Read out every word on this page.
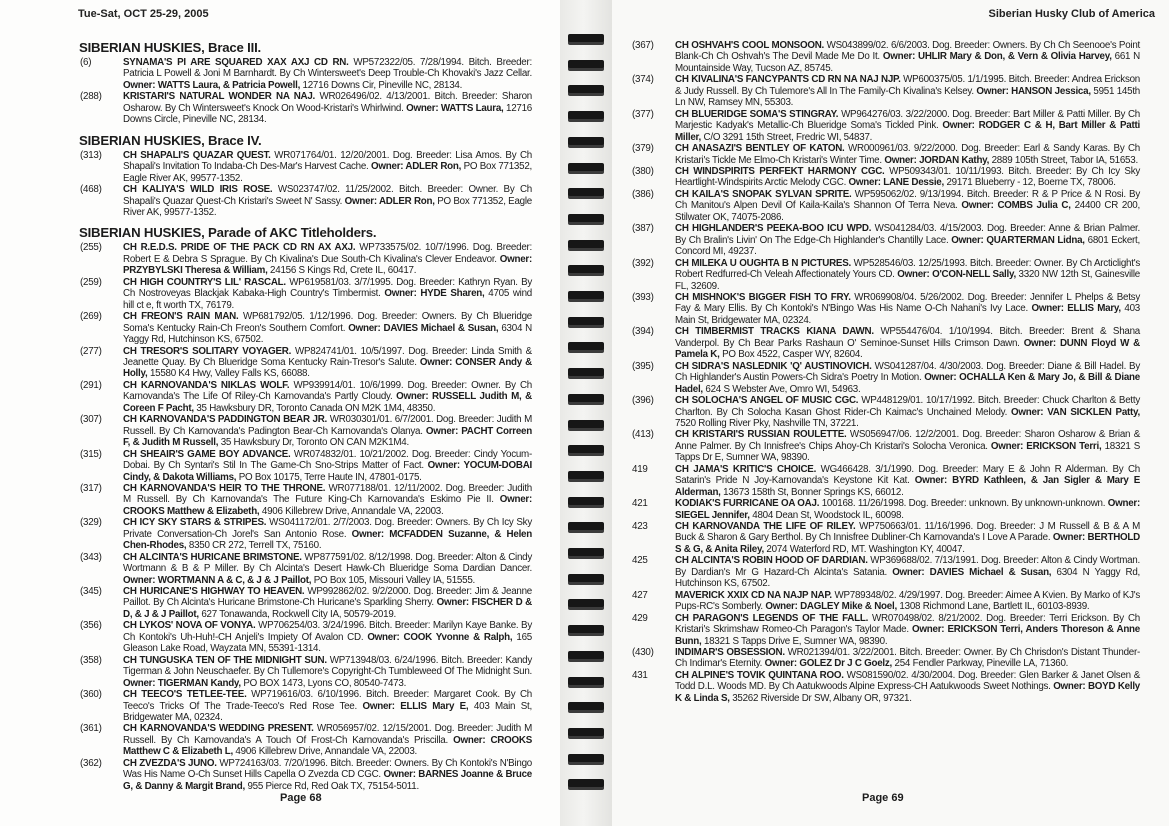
Tue-Sat, OCT 25-29, 2005
SIBERIAN HUSKIES, Brace III.

(6)	SYNAMA'S PI ARE SQUARED XAX AXJ CD RN. WP572322/05. 7/28/1994. Bitch. Breeder: Patricia L Powell & Joni M Barnhardt. By Ch Wintersweet's Deep Trouble-Ch Khovaki's Jazz Cellar. Owner: WATTS Laura, & Patricia Powell, 12716 Downs Cir, Pineville NC, 28134.

(288) KRISTARI'S NATURAL WONDER NA NAJ. WR026496/02. 4/13/2001. Bitch. Breeder: Sharon Osharow. By Ch Wintersweet's Knock On Wood-Kristari's Whirlwind. Owner: WATTS Laura, 12716 Downs Circle, Pineville NC, 28134.

SIBERIAN HUSKIES, Brace IV.

(313) CH SHAPALI'S QUAZAR QUEST. WR071764/01. 12/20/2001. Dog. Breeder: Lisa Amos. By Ch Shapali's Invitation To Indaba-Ch Des-Mar's Harvest Cache. Owner: ADLER Ron, PO Box 771352, Eagle River AK, 99577-1352.

(468) CH KALIYA'S WILD IRIS ROSE. WS023747/02. 11/25/2002. Bitch. Breeder: Owner. By Ch Shapali's Quazar Quest-Ch Kristari's Sweet N' Sassy. Owner: ADLER Ron, PO Box 771352, Eagle River AK, 99577-1352.

SIBERIAN HUSKIES, Parade of AKC Titleholders.

(255) CH R.E.D.S. PRIDE OF THE PACK CD RN AX AXJ. WP733575/02. 10/7/1996. Dog. Breeder: Robert E & Debra S Sprague. By Ch Kivalina's Due South-Ch Kivalina's Clever Endeavor. Owner: PRZYBYLSKI Theresa & William, 24156 S Kings Rd, Crete IL, 60417.

(259) CH HIGH COUNTRY'S LIL' RASCAL. WP619581/03. 3/7/1995. Dog. Breeder: Kathryn Ryan. By Ch Nostroveyas Blackjak Kabaka-High Country's Timbermist. Owner: HYDE Sharen, 4705 wind hill ct e, ft worth TX, 76179.

(269) CH FREON'S RAIN MAN. WP681792/05. 1/12/1996. Dog. Breeder: Owners. By Ch Blueridge Soma's Kentucky Rain-Ch Freon's Southern Comfort. Owner: DAVIES Michael & Susan, 6304 N Yaggy Rd, Hutchinson KS, 67502.

(277) CH TRESOR'S SOLITARY VOYAGER. WP824741/01. 10/5/1997. Dog. Breeder: Linda Smith & Jeanette Quay. By Ch Blueridge Soma Kentucky Rain-Tresor's Salute. Owner: CONSER Andy & Holly, 15580 K4 Hwy, Valley Falls KS, 66088.

(291) CH KARNOVANDA'S NIKLAS WOLF. WP939914/01. 10/6/1999. Dog. Breeder: Owner. By Ch Karnovanda's The Life Of Riley-Ch Karnovanda's Partly Cloudy. Owner: RUSSELL Judith M, & Coreen F Pacht, 35 Hawksbury DR, Toronto Canada ON M2K 1M4, 48350.

(307) CH KARNOVANDA'S PADDINGTON BEAR JR. WR030301/01. 6/7/2001. Dog. Breeder: Judith M Russell. By Ch Karnovanda's Padington Bear-Ch Karnovanda's Olanya. Owner: PACHT Correen F, & Judith M Russell, 35 Hawksbury Dr, Toronto ON CAN M2K1M4.

(315) CH SHEAIR'S GAME BOY ADVANCE. WR074832/01. 10/21/2002. Dog. Breeder: Cindy Yocum-Dobai. By Ch Syntari's Stil In The Game-Ch Sno-Strips Matter of Fact. Owner: YOCUM-DOBAI Cindy, & Dakota Williams, PO Box 10175, Terre Haute IN, 47801-0175.

(317) CH KARNOVANDA'S HEIR TO THE THRONE. WR077188/01. 12/11/2002. Dog. Breeder: Judith M Russell. By Ch Karnovanda's The Future King-Ch Karnovanda's Eskimo Pie II. Owner: CROOKS Matthew & Elizabeth, 4906 Killebrew Drive, Annandale VA, 22003.

(329) CH ICY SKY STARS & STRIPES. WS041172/01. 2/7/2003. Dog. Breeder: Owners. By Ch Icy Sky Private Conversation-Ch Jorel's San Antonio Rose. Owner: MCFADDEN Suzanne, & Helen Chen-Rhodes, 8350 CR 272, Terrell TX, 75160.

(343) CH ALCINTA'S HURICANE BRIMSTONE. WP877591/02. 8/12/1998. Dog. Breeder: Alton & Cindy Wortmann & B & P Miller. By Ch Alcinta's Desert Hawk-Ch Blueridge Soma Dardian Dancer. Owner: WORTMANN A & C, & J & J Paillot, PO Box 105, Missouri Valley IA, 51555.

(345) CH HURICANE'S HIGHWAY TO HEAVEN. WP992862/02. 9/2/2000. Dog. Breeder: Jim & Jeanne Paillot. By Ch Alcinta's Huricane Brimstone-Ch Huricane's Sparkling Sherry. Owner: FISCHER D & D, & J & J Paillot, 627 Tonawanda, Rockwell City IA, 50579-2019.

(356) CH LYKOS' NOVA OF VONYA. WP706254/03. 3/24/1996. Bitch. Breeder: Marilyn Kaye Banke. By Ch Kontoki's Uh-Huh!-CH Anjeli's Impiety Of Avalon CD. Owner: COOK Yvonne & Ralph, 165 Gleason Lake Road, Wayzata MN, 55391-1314.

(358) CH TUNGUSKA TEN OF THE MIDNIGHT SUN. WP713948/03. 6/24/1996. Bitch. Breeder: Kandy Tigerman & John Neuschaefer. By Ch Tullemore's Copyright-Ch Tumbleweed Of The Midnight Sun. Owner: TIGERMAN Kandy, PO BOX 1473, Lyons CO, 80540-7473.

(360) CH TEECO'S TETLEE-TEE. WP719616/03. 6/10/1996. Bitch. Breeder: Margaret Cook. By Ch Teeco's Tricks Of The Trade-Teeco's Red Rose Tee. Owner: ELLIS Mary E, 403 Main St, Bridgewater MA, 02324.

(361) CH KARNOVANDA'S WEDDING PRESENT. WR056957/02. 12/15/2001. Dog. Breeder: Judith M Russell. By Ch Karnovanda's A Touch Of Frost-Ch Karnovanda's Priscilla. Owner: CROOKS Matthew C & Elizabeth L, 4906 Killebrew Drive, Annandale VA, 22003.

(362) CH ZVEZDA'S JUNO. WP724163/03. 7/20/1996. Bitch. Breeder: Owners. By Ch Kontoki's N'Bingo Was His Name O-Ch Sunset Hills Capella O Zvezda CD CGC. Owner: BARNES Joanne & Bruce G, & Danny & Margit Brand, 955 Pierce Rd, Red Oak TX, 75154-5011.

Page 68
Siberian Husky Club of America

(367) CH OSHVAH'S COOL MONSOON. WS043899/02. 6/6/2003. Dog. Breeder: Owners. By Ch Ch Seenooe's Point Blank-Ch Ch Oshvah's The Devil Made Me Do It. Owner: UHLIR Mary & Don, & Vern & Olivia Harvey, 661 N Mountainside Way, Tucson AZ, 85745.

(374) CH KIVALINA'S FANCYPANTS CD RN NA NAJ NJP. WP600375/05. 1/1/1995. Bitch. Breeder: Andrea Erickson & Judy Russell. By Ch Tulemore's All In The Family-Ch Kivalina's Kelsey. Owner: HANSON Jessica, 5951 145th Ln NW, Ramsey MN, 55303.

(377) CH BLUERIDGE SOMA'S STINGRAY. WP964276/03. 3/22/2000. Dog. Breeder: Bart Miller & Patti Miller. By Ch Marjestic Kadyak's Metallic-Ch Blueridge Soma's Tickled Pink. Owner: RODGER C & H, Bart Miller & Patti Miller, C/O 3291 15th Street, Fredric WI, 54837.

(379) CH ANASAZI'S BENTLEY OF KATON. WR000961/03. 9/22/2000. Dog. Breeder: Earl & Sandy Karas. By Ch Kristari's Tickle Me Elmo-Ch Kristari's Winter Time. Owner: JORDAN Kathy, 2889 105th Street, Tabor IA, 51653.

(380) CH WINDSPIRITS PERFEKT HARMONY CGC. WP509343/01. 10/11/1993. Bitch. Breeder: By Ch Icy Sky Heartlight-Windspirits Arctic Melody CGC. Owner: LANE Dessie, 29171 Blueberry - 12, Boerne TX, 78006.

(386) CH KAILA'S SNOPAK SYLVAN SPRITE. WP595062/02. 9/13/1994. Bitch. Breeder: R & P Price & N Rosi. By Ch Manitou's Alpen Devil Of Kaila-Kaila's Shannon Of Terra Neva. Owner: COMBS Julia C, 24400 CR 200, Stilwater OK, 74075-2086.

(387) CH HIGHLANDER'S PEEKA-BOO ICU WPD. WS041284/03. 4/15/2003. Dog. Breeder: Anne & Brian Palmer. By Ch Bralin's Livin' On The Edge-Ch Highlander's Chantilly Lace. Owner: QUARTERMAN Lidna, 6801 Eckert, Concord MI, 49237.

(392) CH MILEKA U OUGHTA B N PICTURES. WP528546/03. 12/25/1993. Bitch. Breeder: Owner. By Ch Arcticlight's Robert Redfurred-Ch Veleah Affectionately Yours CD. Owner: O'CON-NELL Sally, 3320 NW 12th St, Gainesville FL, 32609.

(393) CH MISHNOK'S BIGGER FISH TO FRY. WR069908/04. 5/26/2002. Dog. Breeder: Jennifer L Phelps & Betsy Fay & Mary Ellis. By Ch Kontoki's N'Bingo Was His Name O-Ch Nahani's Ivy Lace. Owner: ELLIS Mary, 403 Main St, Bridgewater MA, 02324.

(394) CH TIMBERMIST TRACKS KIANA DAWN. WP554476/04. 1/10/1994. Bitch. Breeder: Brent & Shana Vanderpol. By Ch Bear Parks Rashaun O' Seminoe-Sunset Hills Crimson Dawn. Owner: DUNN Floyd W & Pamela K, PO Box 4522, Casper WY, 82604.

(395) CH SIDRA'S NASLEDNIK 'Q' AUSTINOVICH. WS041287/04. 4/30/2003. Dog. Breeder: Diane & Bill Hadel. By Ch Highlander's Austin Powers-Ch Sidra's Poetry In Motion. Owner: OCHALLA Ken & Mary Jo, & Bill & Diane Hadel, 624 S Webster Ave, Omro WI, 54963.

(396) CH SOLOCHA'S ANGEL OF MUSIC CGC. WP448129/01. 10/17/1992. Bitch. Breeder: Chuck Charlton & Betty Charlton. By Ch Solocha Kasan Ghost Rider-Ch Kaimac's Unchained Melody. Owner: VAN SICKLEN Patty, 7520 Rolling River Pky, Nashville TN, 37221.

(413) CH KRISTARI'S RUSSIAN ROULETTE. WS056947/06. 12/2/2001. Dog. Breeder: Sharon Osharow & Brian & Anne Palmer. By Ch Innisfree's Chips Ahoy-Ch Kristari's Solocha Veronica. Owner: ERICKSON Terri, 18321 S Tapps Dr E, Sumner WA, 98390.

419	CH JAMA'S KRITIC'S CHOICE. WG466428. 3/1/1990. Dog. Breeder: Mary E & John R Alderman. By Ch Satarin's Pride N Joy-Karnovanda's Keystone Kit Kat. Owner: BYRD Kathleen, & Jan Sigler & Mary E Alderman, 13673 158th St, Bonner Springs KS, 66012.

421	KODIAK'S FURRICANE OA OAJ. 100168. 11/26/1998. Dog. Breeder: unknown. By unknown-unknown. Owner: SIEGEL Jennifer, 4804 Dean St, Woodstock IL, 60098.

423	CH KARNOVANDA THE LIFE OF RILEY. WP750663/01. 11/16/1996. Dog. Breeder: J M Russell & B & A M Buck & Sharon & Gary Berthol. By Ch Innisfree Dubliner-Ch Karnovanda's I Love A Parade. Owner: BERTHOLD S & G, & Anita Riley, 2074 Waterford RD, MT. Washington KY, 40047.

425	CH ALCINTA'S ROBIN HOOD OF DARDIAN. WP369688/02. 7/13/1991. Dog. Breeder: Alton & Cindy Wortman. By Dardian's Mr G Hazard-Ch Alcinta's Satania. Owner: DAVIES Michael & Susan, 6304 N Yaggy Rd, Hutchinson KS, 67502.

427	MAVERICK XXIX CD NA NAJP NAP. WP789348/02. 4/29/1997. Dog. Breeder: Aimee A Kvien. By Marko of KJ's Pups-RC's Somberly. Owner: DAGLEY Mike & Noel, 1308 Richmond Lane, Bartlett IL, 60103-8939.

429	CH PARAGON'S LEGENDS OF THE FALL. WR070498/02. 8/21/2002. Dog. Breeder: Terri Erickson. By Ch Kristari's Skrimshaw Romeo-Ch Paragon's Taylor Made. Owner: ERICKSON Terri, Anders Thoreson & Anne Bunn, 18321 S Tapps Drive E, Sumner WA, 98390.

(430) INDIMAR'S OBSESSION. WR021394/01. 3/22/2001. Bitch. Breeder: Owner. By Ch Chrisdon's Distant Thunder-Ch Indimar's Eternity. Owner: GOLEZ Dr J C Goelz, 254 Fendler Parkway, Pineville LA, 71360.

431	CH ALPINE'S TOVIK QUINTANA ROO. WS081590/02. 4/30/2004. Dog. Breeder: Glen Barker & Janet Olsen & Todd D.L. Woods MD. By Ch Aatukwoods Alpine Express-CH Aatukwoods Sweet Nothings. Owner: BOYD Kelly K & Linda S, 35262 Riverside Dr SW, Albany OR, 97321.

Page 69
